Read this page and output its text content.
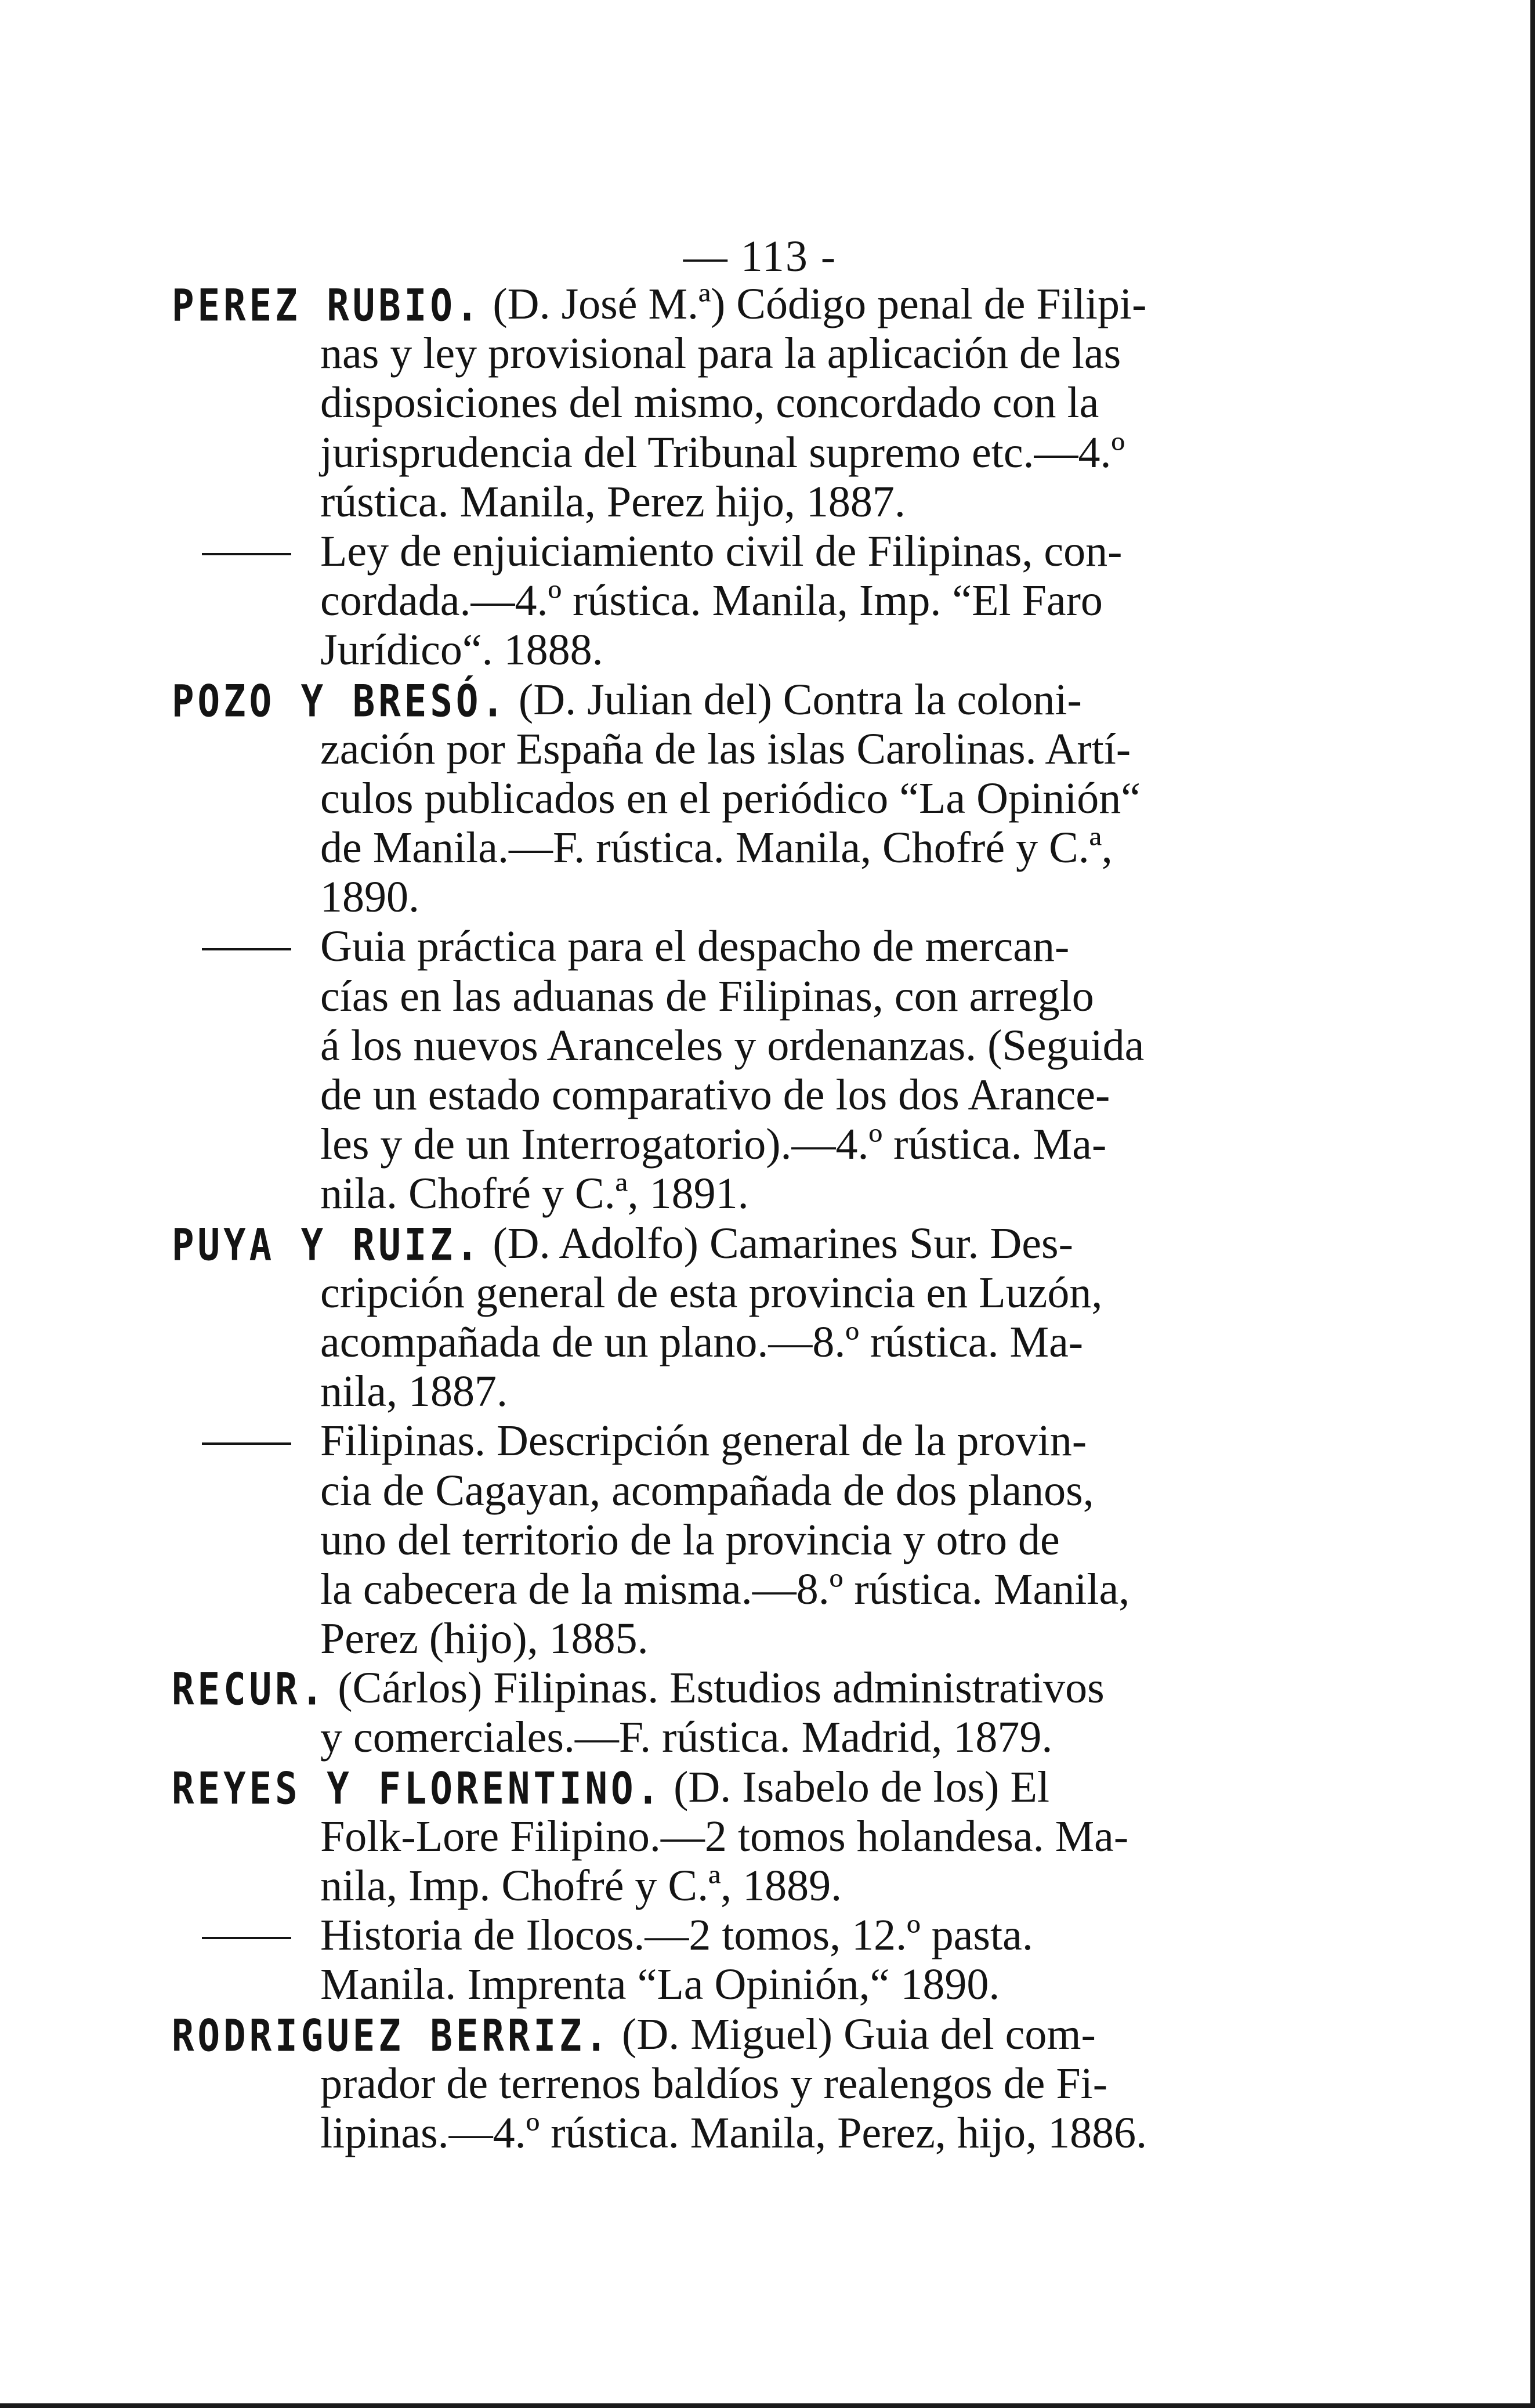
— 113 -
PEREZ RUBIO. (D. José M.ª) Código penal de Filipi-
nas y ley provisional para la aplicación de las
disposiciones del mismo, concordado con la
jurisprudencia del Tribunal supremo etc.—4.º
rústica. Manila, Perez hijo, 1887.
Ley de enjuiciamiento civil de Filipinas, con-
cordada.—4.º rústica. Manila, Imp. “El Faro
Jurídico“. 1888.
POZO Y BRESÓ. (D. Julian del) Contra la coloni-
zación por España de las islas Carolinas. Artí-
culos publicados en el periódico “La Opinión“
de Manila.—F. rústica. Manila, Chofré y C.ª,
1890.
Guia práctica para el despacho de mercan-
cías en las aduanas de Filipinas, con arreglo
á los nuevos Aranceles y ordenanzas. (Seguida
de un estado comparativo de los dos Arance-
les y de un Interrogatorio).—4.º rústica. Ma-
nila. Chofré y C.ª, 1891.
PUYA Y RUIZ. (D. Adolfo) Camarines Sur. Des-
cripción general de esta provincia en Luzón,
acompañada de un plano.—8.º rústica. Ma-
nila, 1887.
Filipinas. Descripción general de la provin-
cia de Cagayan, acompañada de dos planos,
uno del territorio de la provincia y otro de
la cabecera de la misma.—8.º rústica. Manila,
Perez (hijo), 1885.
RECUR. (Cárlos) Filipinas. Estudios administrativos
y comerciales.—F. rústica. Madrid, 1879.
REYES Y FLORENTINO. (D. Isabelo de los) El
Folk-Lore Filipino.—2 tomos holandesa. Ma-
nila, Imp. Chofré y C.ª, 1889.
Historia de Ilocos.—2 tomos, 12.º pasta.
Manila. Imprenta “La Opinión,“ 1890.
RODRIGUEZ BERRIZ. (D. Miguel) Guia del com-
prador de terrenos baldíos y realengos de Fi-
lipinas.—4.º rústica. Manila, Perez, hijo, 1886.
